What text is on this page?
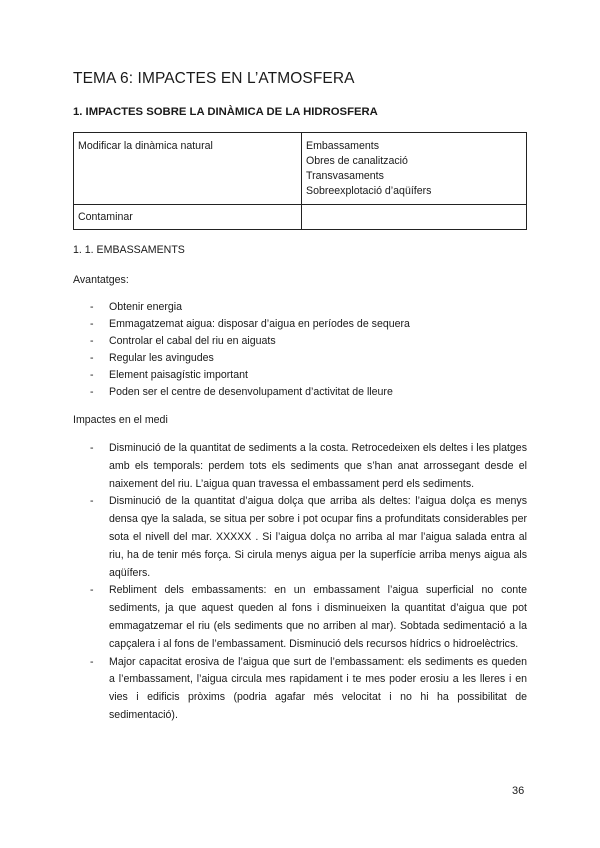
TEMA 6: IMPACTES EN L’ATMOSFERA
1. IMPACTES SOBRE LA DINÀMICA DE LA HIDROSFERA
Modificar la dinàmica natural	Embassaments
Obres de canalització
Transvasaments
Sobreexplotació d’aqüífers

Contaminar	

1. 1. EMBASSAMENTS

Avantatges:

- Obtenir energia
- Emmagatzemat aigua: disposar d’aigua en períodes de sequera
- Controlar el cabal del riu en aiguats
- Regular les avingudes
- Element paisagístic important
- Poden ser el centre de desenvolupament d’activitat de lleure

Impactes en el medi

- Disminució de la quantitat de sediments a la costa. Retrocedeixen els deltes i les platges amb els temporals: perdem tots els sediments que s’han anat arrossegant desde el naixement del riu. L’aigua quan travessa el embassament perd els sediments.
- Disminució de la quantitat d’aigua dolça que arriba als deltes: l’aigua dolça es menys densa qye la salada, se situa per sobre i pot ocupar fins a profunditats considerables per sota el nivell del mar. XXXXX . Si l’aigua dolça no arriba al mar l’aigua salada entra al riu, ha de tenir més força. Si cirula menys aigua per la superfície arriba menys aigua als aqüífers.
- Rebliment dels embassaments: en un embassament l’aigua superficial no conte sediments, ja que aquest queden al fons i disminueixen la quantitat d’aigua que pot emmagatzemar el riu (els sediments que no arriben al mar). Sobtada sedimentació a la capçalera i al fons de l’embassament. Disminució dels recursos hídrics o hidroelèctrics.
- Major capacitat erosiva de l’aigua que surt de l’embassament: els sediments es queden a l’embassament, l’aigua circula mes rapidament i te mes poder erosiu a les lleres i en vies i edificis pròxims (podria agafar més velocitat i no hi ha possibilitat de sedimentació).
36
